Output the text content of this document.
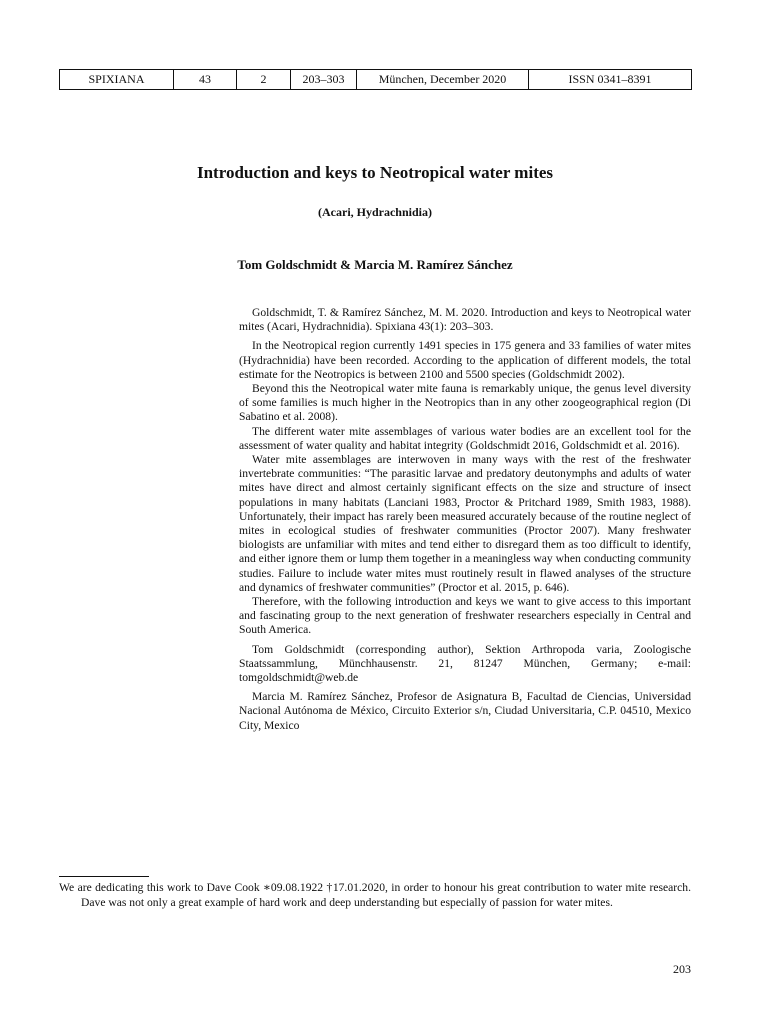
SPIXIANA	43	2	203–303	München, December 2020	ISSN 0341–8391
Introduction and keys to Neotropical water mites
(Acari, Hydrachnidia)
Tom Goldschmidt & Marcia M. Ramírez Sánchez

Goldschmidt, T. & Ramírez Sánchez, M. M. 2020. Introduction and keys to Neotropical water mites (Acari, Hydrachnidia). Spixiana 43(1): 203–303.

In the Neotropical region currently 1491 species in 175 genera and 33 families of water mites (Hydrachnidia) have been recorded. According to the application of different models, the total estimate for the Neotropics is between 2100 and 5500 species (Goldschmidt 2002).

Beyond this the Neotropical water mite fauna is remarkably unique, the genus level diversity of some families is much higher in the Neotropics than in any other zoogeographical region (Di Sabatino et al. 2008).

The different water mite assemblages of various water bodies are an excellent tool for the assessment of water quality and habitat integrity (Goldschmidt 2016, Goldschmidt et al. 2016).

Water mite assemblages are interwoven in many ways with the rest of the freshwater invertebrate communities: “The parasitic larvae and predatory deutonymphs and adults of water mites have direct and almost certainly significant effects on the size and structure of insect populations in many habitats (Lanciani 1983, Proctor & Pritchard 1989, Smith 1983, 1988). Unfortunately, their impact has rarely been measured accurately because of the routine neglect of mites in ecological studies of freshwater communities (Proctor 2007). Many freshwater biologists are unfamiliar with mites and tend either to disregard them as too difficult to identify, and either ignore them or lump them together in a meaningless way when conducting community studies. Failure to include water mites must routinely result in flawed analyses of the structure and dynamics of freshwater communities” (Proctor et al. 2015, p. 646).

Therefore, with the following introduction and keys we want to give access to this important and fascinating group to the next generation of freshwater researchers especially in Central and South America.

Tom Goldschmidt (corresponding author), Sektion Arthropoda varia, Zoologische Staatssammlung, Münchhausenstr. 21, 81247 München, Germany; e-mail: tomgoldschmidt@web.de

Marcia M. Ramírez Sánchez, Profesor de Asignatura B, Facultad de Ciencias, Universidad Nacional Autónoma de México, Circuito Exterior s/n, Ciudad Universitaria, C.P. 04510, Mexico City, Mexico

We are dedicating this work to Dave Cook ∗09.08.1922 †17.01.2020, in order to honour his great contribution to water mite research. Dave was not only a great example of hard work and deep understanding but especially of passion for water mites.

203
